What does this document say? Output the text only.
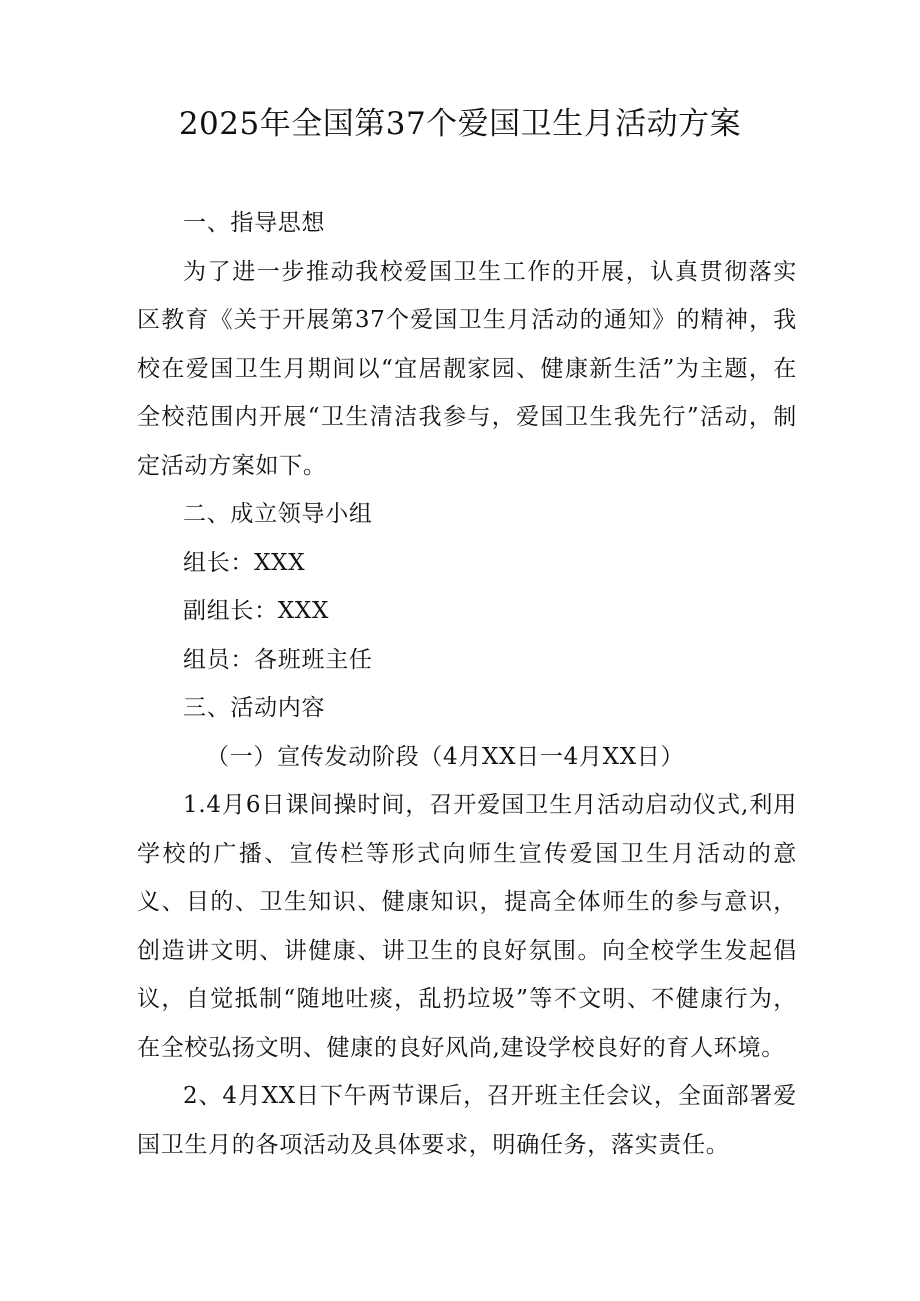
2025年全国第37个爱国卫生月活动方案

一、指导思想

为了进一步推动我校爱国卫生工作的开展，认真贯彻落实区教育《关于开展第37个爱国卫生月活动的通知》的精神，我校在爱国卫生月期间以“宜居靓家园、健康新生活”为主题，在全校范围内开展“卫生清洁我参与，爱国卫生我先行”活动，制定活动方案如下。

二、成立领导小组

组长：XXX

副组长：XXX

组员：各班班主任

三、活动内容

（一）宣传发动阶段（4月XX日一4月XX日）

1.4月6日课间操时间，召开爱国卫生月活动启动仪式,利用学校的广播、宣传栏等形式向师生宣传爱国卫生月活动的意义、目的、卫生知识、健康知识，提高全体师生的参与意识，创造讲文明、讲健康、讲卫生的良好氛围。向全校学生发起倡议，自觉抵制“随地吐痰，乱扔垃圾”等不文明、不健康行为，在全校弘扬文明、健康的良好风尚,建设学校良好的育人环境。

2、4月XX日下午两节课后，召开班主任会议，全面部署爱国卫生月的各项活动及具体要求，明确任务，落实责任。
